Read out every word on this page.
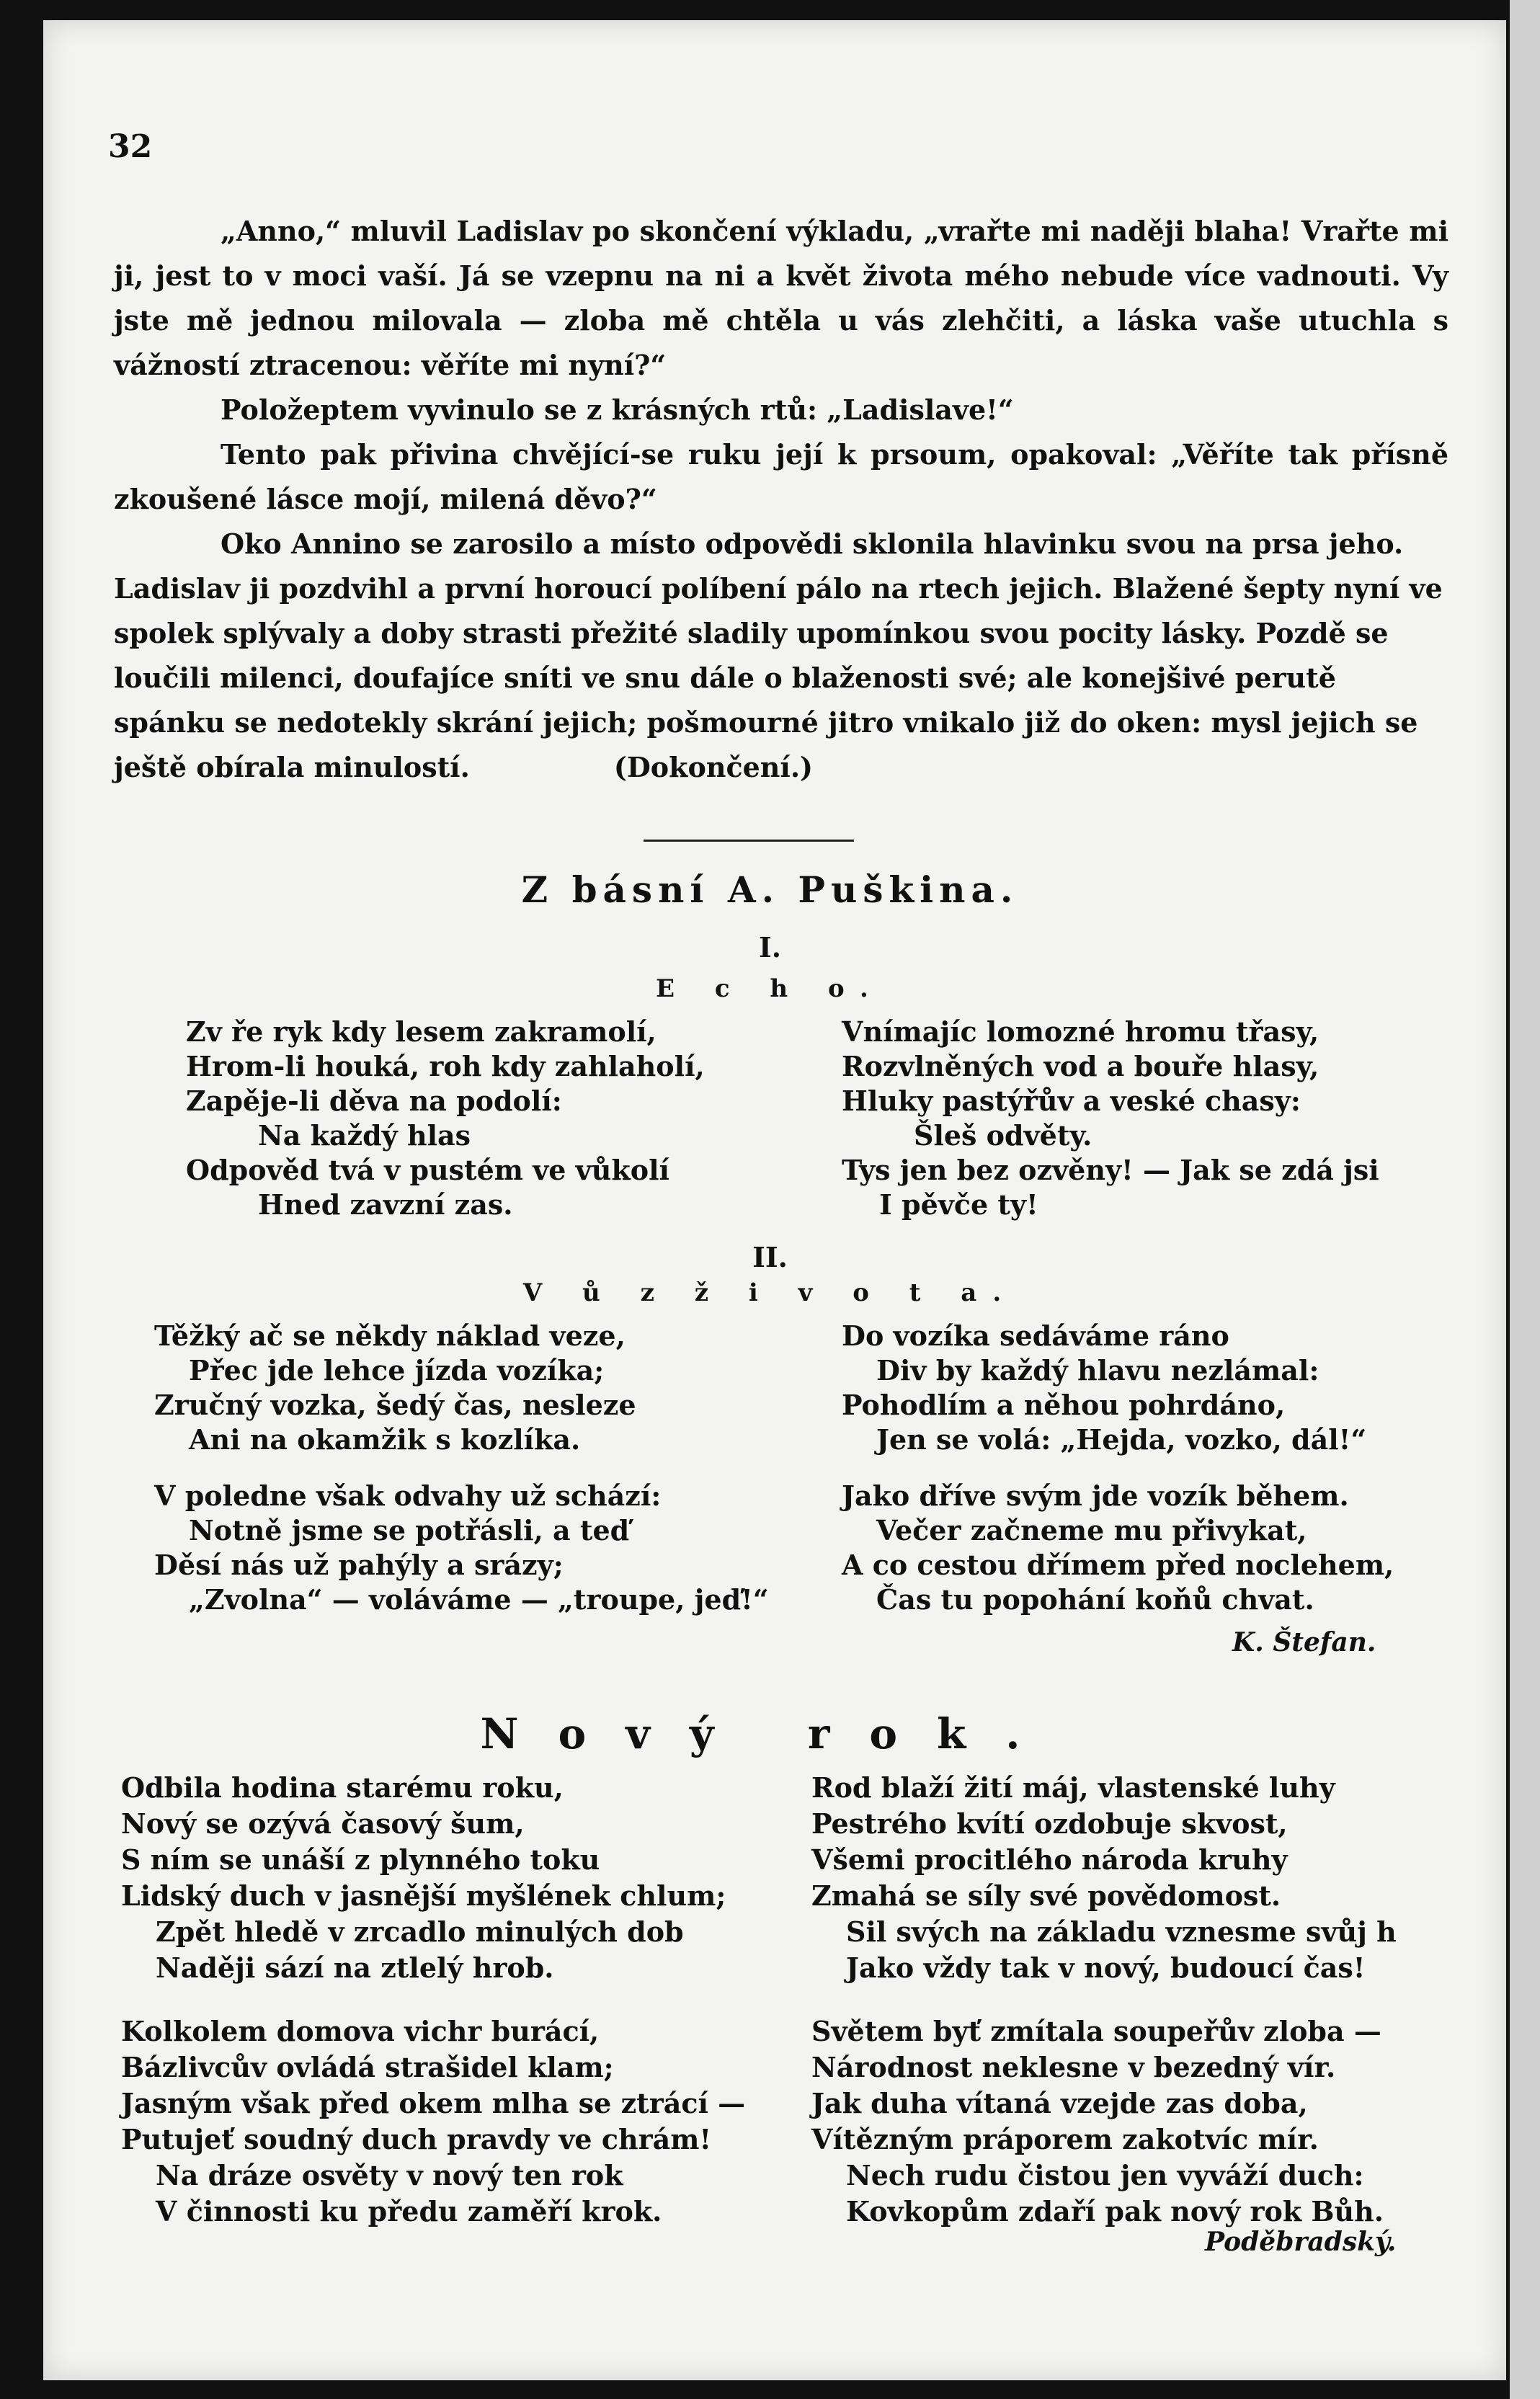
32

„Anno,“ mluvil Ladislav po skončení výkladu, „vrařte mi naději blaha! Vrařte mi ji, jest to v moci vaší. Já se vzepnu na ni a květ života mého nebude více vadnouti. Vy jste mě jednou milovala — zloba mě chtěla u vás zlehčiti, a láska vaše utuchla s vážností ztracenou: věříte mi nyní?“

Položeptem vyvinulo se z krásných rtů: „Ladislave!“

Tento pak přivina chvějící-se ruku její k prsoum, opakoval: „Věříte tak přísně zkoušené lásce mojí, milená děvo?“

Oko Annino se zarosilo a místo odpovědi sklonila hlavinku svou na prsa jeho. Ladislav ji pozdvihl a první horoucí políbení pálo na rtech jejich. Blažené šepty nyní ve spolek splývaly a doby strasti přežité sladily upomínkou svou pocity lásky. Pozdě se loučili milenci, doufajíce sníti ve snu dále o blaženosti své; ale konejšivé perutě spánku se nedotekly skrání jejich; pošmourné jitro vnikalo již do oken: mysl jejich se ještě obírala minulostí.	(Dokončení.)

Z básní A. Puškina.
I.
E c h o.
Zv ře ryk kdy lesem zakramolí,
Hrom-li houká, roh kdy zahlaholí,
Zapěje-li děva na podolí:
Na každý hlas
Odpověd tvá v pustém ve vůkolí
Hned zavzní zas.
Vnímajíc lomozné hromu třasy,
Rozvlněných vod a bouře hlasy,
Hluky pastýřův a veské chasy:
Šleš odvěty.
Tys jen bez ozvěny! — Jak se zdá jsi
I pěvče ty!
II.
V ů z ž i v o t a.
Těžký ač se někdy náklad veze,
Přec jde lehce jízda vozíka;
Zručný vozka, šedý čas, nesleze
Ani na okamžik s kozlíka.
Do vozíka sedáváme ráno
Div by každý hlavu nezlámal:
Pohodlím a něhou pohrdáno,
Jen se volá: „Hejda, vozko, dál!“
V poledne však odvahy už schází:
Notně jsme se potřásli, a teď
Děsí nás už pahýly a srázy;
„Zvolna“ — voláváme — „troupe, jeď!“
Jako dříve svým jde vozík během.
Večer začneme mu přivykat,
A co cestou dřímem před noclehem,
Čas tu popohání koňů chvat.
K. Štefan.
Nový rok.
Odbila hodina starému roku,
Nový se ozývá časový šum,
S ním se unáší z plynného toku
Lidský duch v jasnější myšlének chlum;
Zpět hledě v zrcadlo minulých dob
Naději sází na ztlelý hrob.
Rod blaží žití máj, vlastenské luhy
Pestrého kvítí ozdobuje skvost,
Všemi procitlého národa kruhy
Zmahá se síly své povědomost.
Sil svých na základu vznesme svůj h
Jako vždy tak v nový, budoucí čas!
Kolkolem domova vichr burácí,
Bázlivcův ovládá strašidel klam;
Jasným však před okem mlha se ztrácí —
Putujeť soudný duch pravdy ve chrám!
Na dráze osvěty v nový ten rok
V činnosti ku předu zaměří krok.
Světem byť zmítala soupeřův zloba —
Národnost neklesne v bezedný vír.
Jak duha vítaná vzejde zas doba,
Vítězným práporem zakotvíc mír.
Nech rudu čistou jen vyváží duch:
Kovkopům zdaří pak nový rok Bůh.
Poděbradský.
